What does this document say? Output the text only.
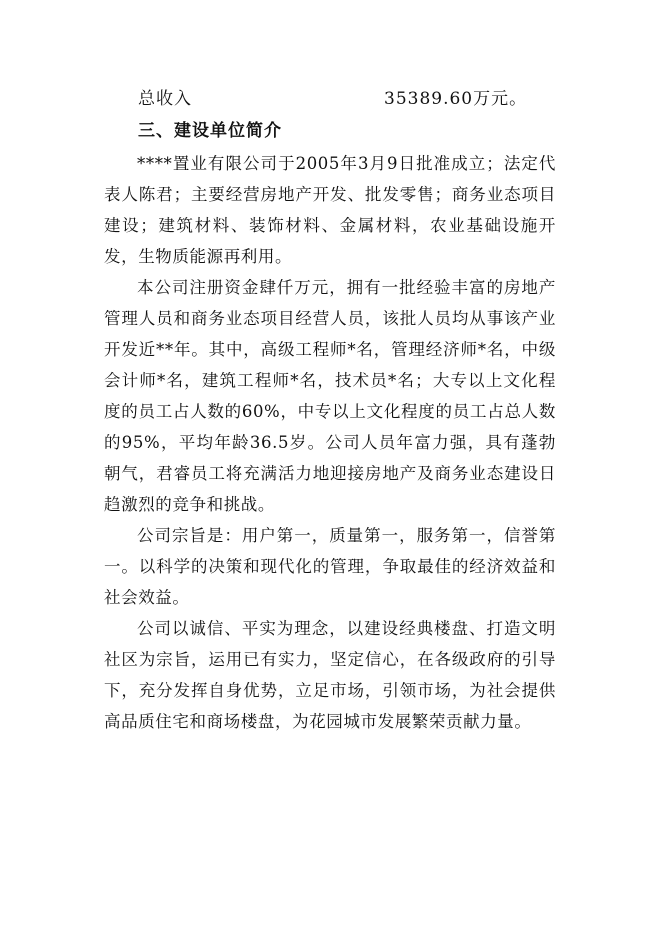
总收入	35389.60万元。
三、建设单位简介

****置业有限公司于2005年3月9日批准成立；法定代表人陈君；主要经营房地产开发、批发零售；商务业态项目建设；建筑材料、装饰材料、金属材料，农业基础设施开发，生物质能源再利用。

本公司注册资金肆仟万元，拥有一批经验丰富的房地产管理人员和商务业态项目经营人员，该批人员均从事该产业开发近**年。其中，高级工程师*名，管理经济师*名，中级会计师*名，建筑工程师*名，技术员*名；大专以上文化程度的员工占人数的60%，中专以上文化程度的员工占总人数的95%，平均年龄36.5岁。公司人员年富力强，具有蓬勃朝气，君睿员工将充满活力地迎接房地产及商务业态建设日趋激烈的竞争和挑战。

公司宗旨是：用户第一，质量第一，服务第一，信誉第一。以科学的决策和现代化的管理，争取最佳的经济效益和社会效益。

公司以诚信、平实为理念，以建设经典楼盘、打造文明社区为宗旨，运用已有实力，坚定信心，在各级政府的引导下，充分发挥自身优势，立足市场，引领市场，为社会提供高品质住宅和商场楼盘，为花园城市发展繁荣贡献力量。
